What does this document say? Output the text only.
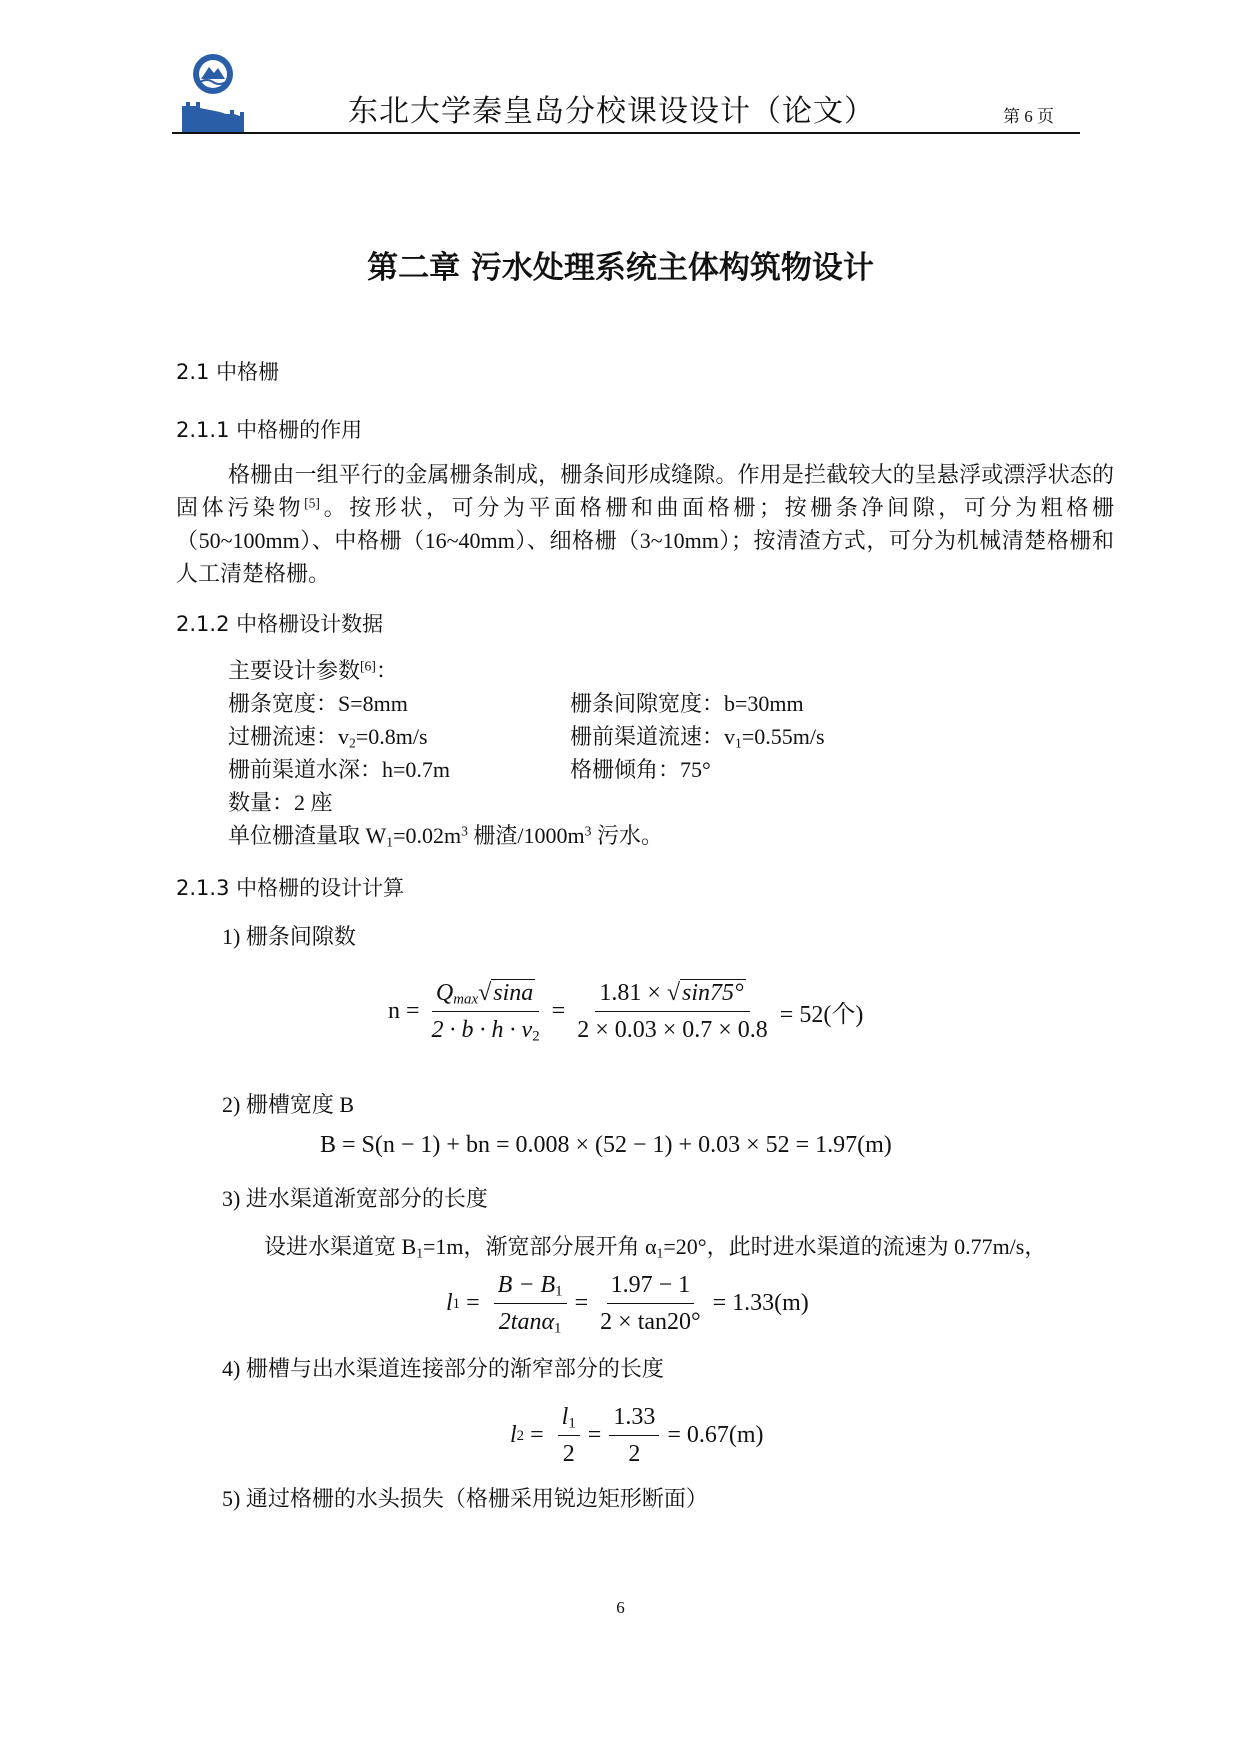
东北大学秦皇岛分校课设设计（论文）	第 6 页
第二章 污水处理系统主体构筑物设计
2.1 中格栅
2.1.1 中格栅的作用
格栅由一组平行的金属栅条制成，栅条间形成缝隙。作用是拦截较大的呈悬浮或漂浮状态的固体污染物[5]。按形状，可分为平面格栅和曲面格栅；按栅条净间隙，可分为粗格栅（50~100mm）、中格栅（16~40mm）、细格栅（3~10mm）；按清渣方式，可分为机械清楚格栅和人工清楚格栅。
2.1.2 中格栅设计数据
主要设计参数[6]：
栅条宽度：S=8mm	栅条间隙宽度：b=30mm
过栅流速：$v_2=0.8m/s$	栅前渠道流速：$v_1=0.55m/s$
栅前渠道水深：h=0.7m	格栅倾角：75°
数量：2 座
单位栅渣量取 $W_1=0.02m^3$ 栅渣$/1000m^3$ 污水。
2.1.3 中格栅的设计计算
1) 栅条间隙数
$n = \frac{Q_{max}√\sin a}{2 \cdot b \cdot h \cdot v_2} = \frac{1.81 \times √\sin 75^\circ}{2 \times 0.03 \times 0.7 \times 0.8} = 52$(个)
2) 栅槽宽度 B
B = S(n − 1) + bn = 0.008 × (52 − 1) + 0.03 × 52 = 1.97(m)
3) 进水渠道渐宽部分的长度
设进水渠道宽 $B_1=1m$，渐宽部分展开角 $\alpha_1=20^\circ$，此时进水渠道的流速为 0.77m/s，
l $1 = \frac{B - B_1}{2\tan\alpha_1} = \frac{1.97 - 1}{2 \times \tan 20^\circ} = 1.33(m)$
4) 栅槽与出水渠道连接部分的渐窄部分的长度
l $2 = \frac{l_1}{2} = \frac{1.33}{2} = 0.67(m)$
5) 通过格栅的水头损失（格栅采用锐边矩形断面）
6
